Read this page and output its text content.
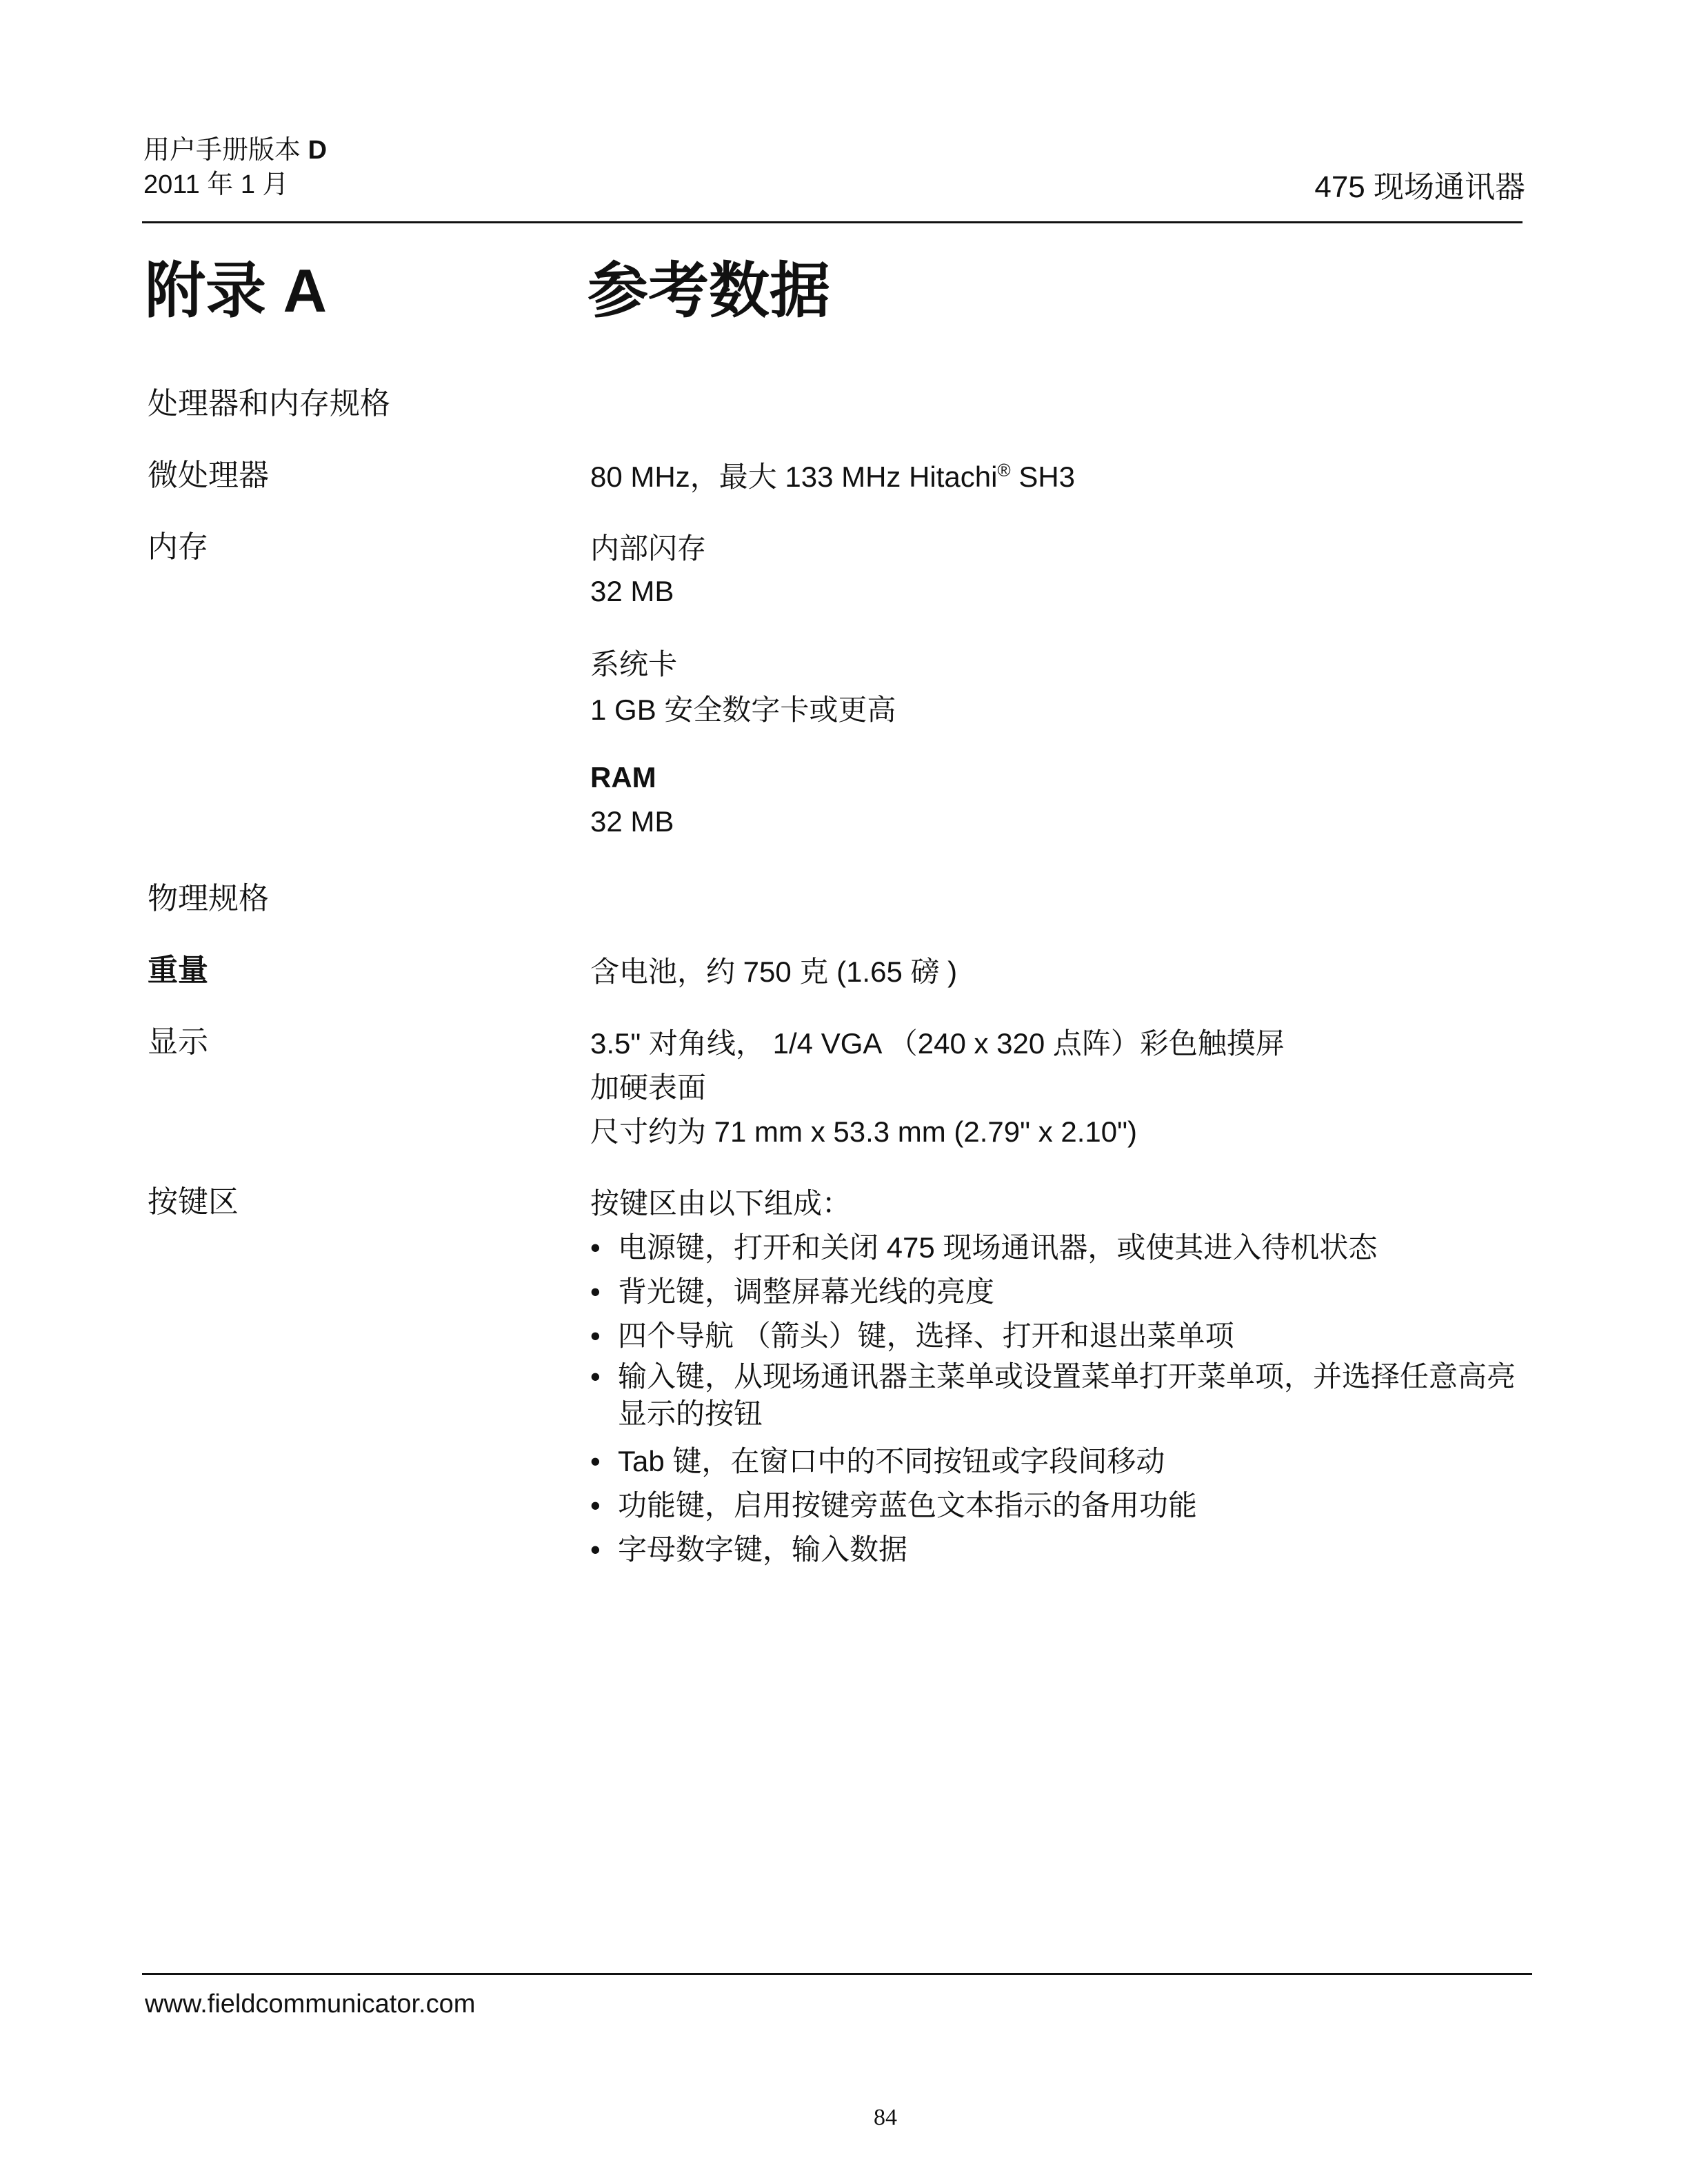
用户手册版本 D
2011 年 1 月	475 现场通讯器
附录 A	参考数据
处理器和内存规格
微处理器	80 MHz，最大 133 MHz Hitachi® SH3
内存	内部闪存
32 MB
系统卡
1 GB 安全数字卡或更高
RAM
32 MB
物理规格
重量	含电池，约 750 克 (1.65 磅 )
显示	3.5" 对角线， 1/4 VGA （240 x 320 点阵）彩色触摸屏
加硬表面
尺寸约为 71 mm x 53.3 mm (2.79" x 2.10")
按键区	按键区由以下组成：
• 电源键，打开和关闭 475 现场通讯器，或使其进入待机状态
• 背光键，调整屏幕光线的亮度
• 四个导航 （箭头）键，选择、打开和退出菜单项
• 输入键，从现场通讯器主菜单或设置菜单打开菜单项，并选择任意高亮显示的按钮
• Tab 键，在窗口中的不同按钮或字段间移动
• 功能键，启用按键旁蓝色文本指示的备用功能
• 字母数字键，输入数据
www.fieldcommunicator.com
84
